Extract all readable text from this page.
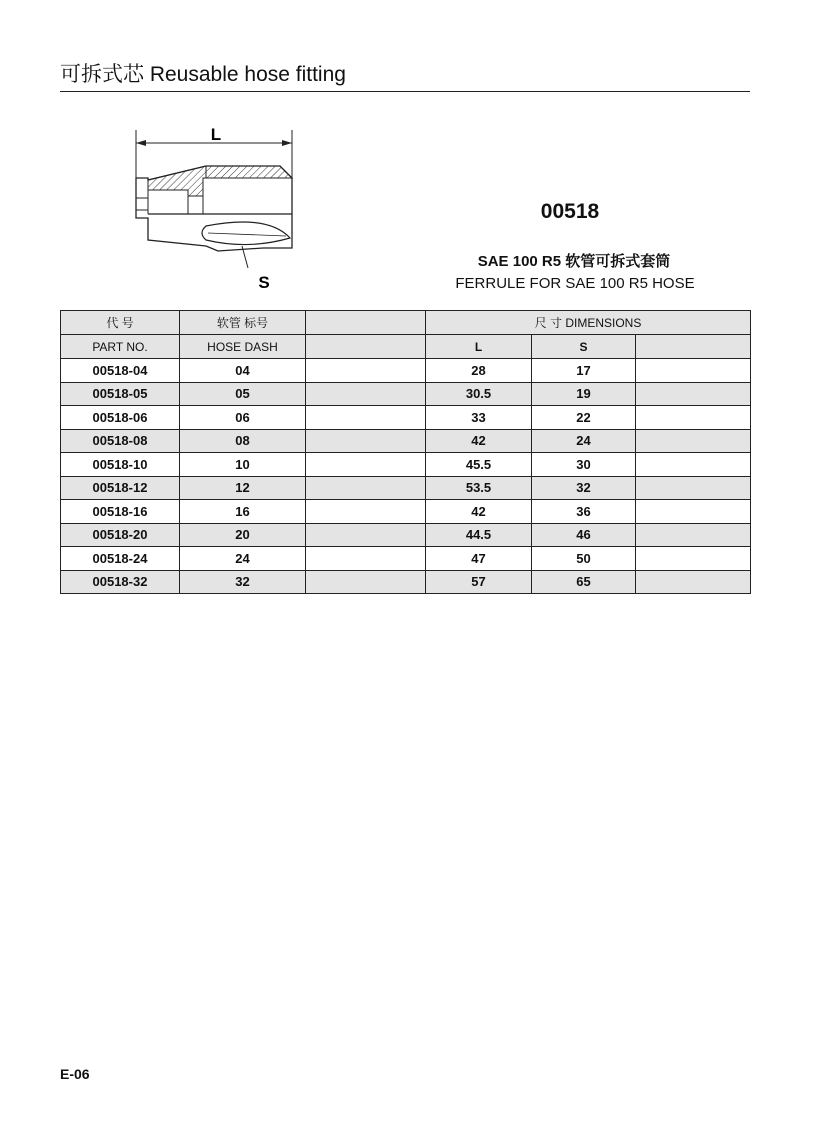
可拆式芯 Reusable hose fitting
L
S
00518
SAE 100 R5 软管可拆式套筒
FERRULE FOR SAE 100 R5 HOSE
代 号	软管 标号		尺 寸 DIMENSIONS		
PART NO.	HOSE DASH		L	S	
00518-04	04		28	17	
00518-05	05		30.5	19	
00518-06	06		33	22	
00518-08	08		42	24	
00518-10	10		45.5	30	
00518-12	12		53.5	32	
00518-16	16		42	36	
00518-20	20		44.5	46	
00518-24	24		47	50	
00518-32	32		57	65	
E-06
